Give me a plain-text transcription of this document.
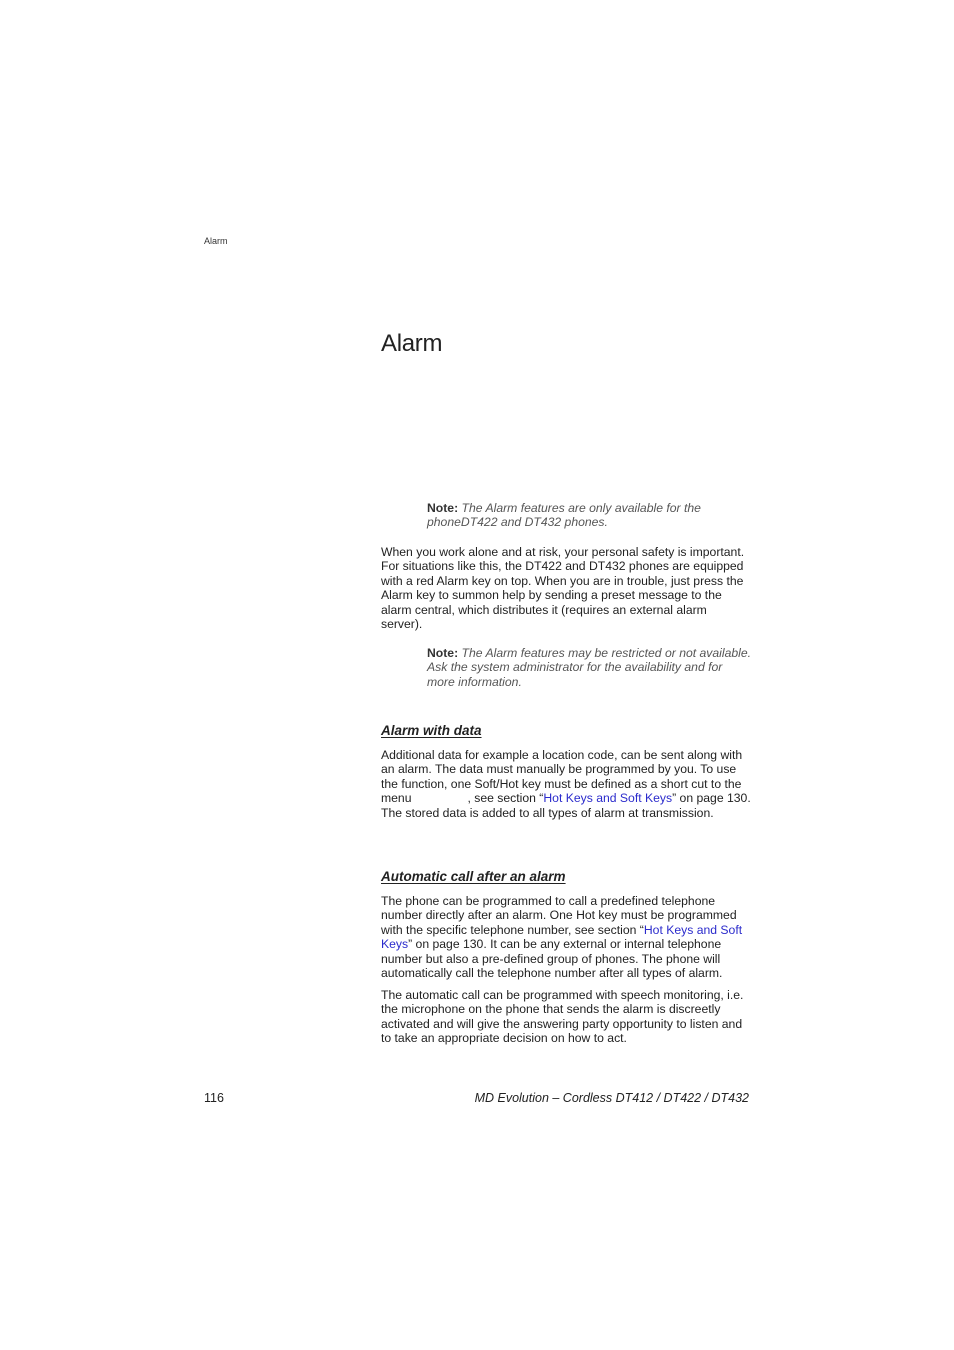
Alarm
Alarm
Note: The Alarm features are only available for the phoneDT422 and DT432 phones.

When you work alone and at risk, your personal safety is important. For situations like this, the DT422 and DT432 phones are equipped with a red Alarm key on top. When you are in trouble, just press the Alarm key to summon help by sending a preset message to the alarm central, which distributes it (requires an external alarm server).

Note: The Alarm features may be restricted or not available. Ask the system administrator for the availability and for more information.
Alarm with data

Additional data for example a location code, can be sent along with an alarm. The data must manually be programmed by you. To use the function, one Soft/Hot key must be defined as a short cut to the menu	, see section “Hot Keys and Soft Keys” on page 130. The stored data is added to all types of alarm at transmission.

Automatic call after an alarm

The phone can be programmed to call a predefined telephone number directly after an alarm. One Hot key must be programmed with the specific telephone number, see section “Hot Keys and Soft Keys” on page 130. It can be any external or internal telephone number but also a pre-defined group of phones. The phone will automatically call the telephone number after all types of alarm.

The automatic call can be programmed with speech monitoring, i.e. the microphone on the phone that sends the alarm is discreetly activated and will give the answering party opportunity to listen and to take an appropriate decision on how to act.

116	MD Evolution – Cordless DT412 / DT422 / DT432
